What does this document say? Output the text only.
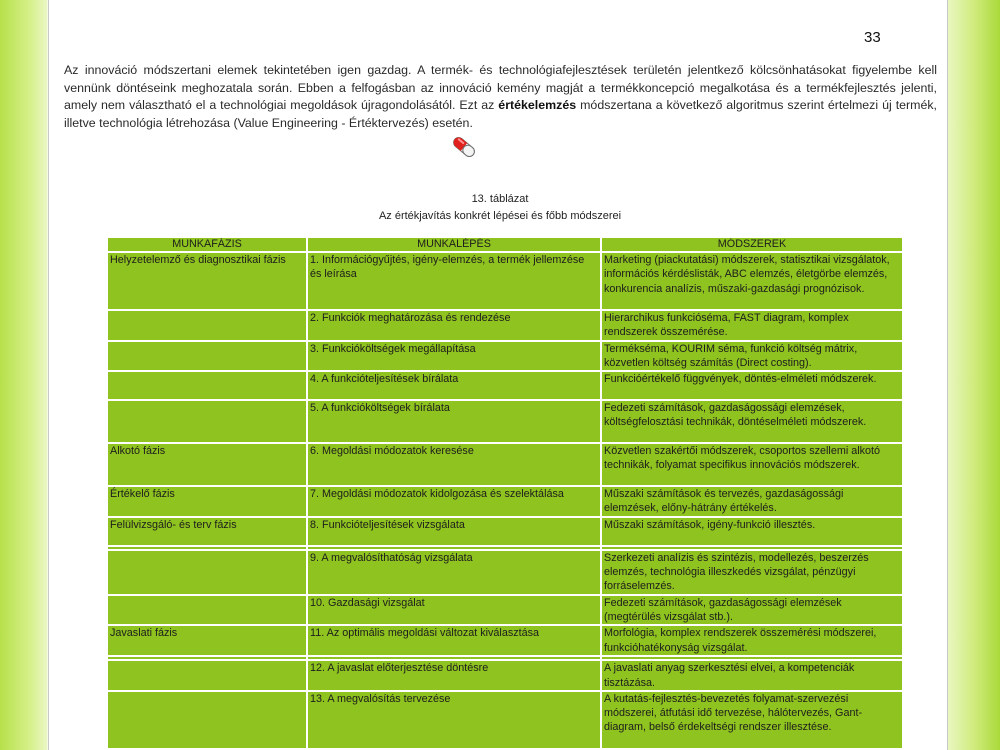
33

Az innováció módszertani elemek tekintetében igen gazdag. A termék- és technológiafejlesztések területén jelentkező kölcsönhatásokat figyelembe kell vennünk döntéseink meghozatala során. Ebben a felfogásban az innováció kemény magját a termékkoncepció megalkotása és a termékfejlesztés jelenti, amely nem választható el a technológiai megoldások újragondolásától. Ezt az értékelemzés módszertana a következő algoritmus szerint értelmezi új termék, illetve technológia létrehozása (Value Engineering - Értéktervezés) esetén.

13. táblázat
Az értékjavítás konkrét lépései és főbb módszerei
MUNKAFÁZIS	MUNKALÉPÉS	MÓDSZEREK
Helyzetelemző és diagnosztikai fázis	1. Információgyűjtés, igény-elemzés, a termék jellemzése és leírása	Marketing (piackutatási) módszerek, statisztikai vizsgálatok, információs kérdéslisták, ABC elemzés, életgörbe elemzés, konkurencia analízis, műszaki-gazdasági prognózisok.
	2. Funkciók meghatározása és rendezése	Hierarchikus funkcióséma, FAST diagram, komplex rendszerek összemérése.
	3. Funkcióköltségek megállapítása	Termékséma, KOURIM séma, funkció költség mátrix, közvetlen költség számítás (Direct costing).
	4. A funkcióteljesítések bírálata	Funkcióértékelő függvények, döntés-elméleti módszerek.
	5. A funkcióköltségek bírálata	Fedezeti számítások, gazdaságossági elemzések, költségfelosztási technikák, döntéselméleti módszerek.
Alkotó fázis	6. Megoldási módozatok keresése	Közvetlen szakértői módszerek, csoportos szellemi alkotó technikák, folyamat specifikus innovációs módszerek.
Értékelő fázis	7. Megoldási módozatok kidolgozása és szelektálása	Műszaki számítások és tervezés, gazdaságossági elemzések, előny-hátrány értékelés.
Felülvizsgáló- és terv fázis	8. Funkcióteljesítések vizsgálata	Műszaki számítások, igény-funkció illesztés.

	9. A megvalósíthatóság vizsgálata	Szerkezeti analízis és szintézis, modellezés, beszerzés elemzés, technológia illeszkedés vizsgálat, pénzügyi forráselemzés.
	10. Gazdasági vizsgálat	Fedezeti számítások, gazdaságossági elemzések (megtérülés vizsgálat stb.).
Javaslati fázis	11. Az optimális megoldási változat kiválasztása	Morfológia, komplex rendszerek összemérési módszerei, funkcióhatékonyság vizsgálat.

	12. A javaslat előterjesztése döntésre	A javaslati anyag szerkesztési elvei, a kompetenciák tisztázása.
	13. A megvalósítás tervezése	A kutatás-fejlesztés-bevezetés folyamat-szervezési módszerei, átfutási idő tervezése, hálótervezés, Gant-diagram, belső érdekeltségi rendszer illesztése.
